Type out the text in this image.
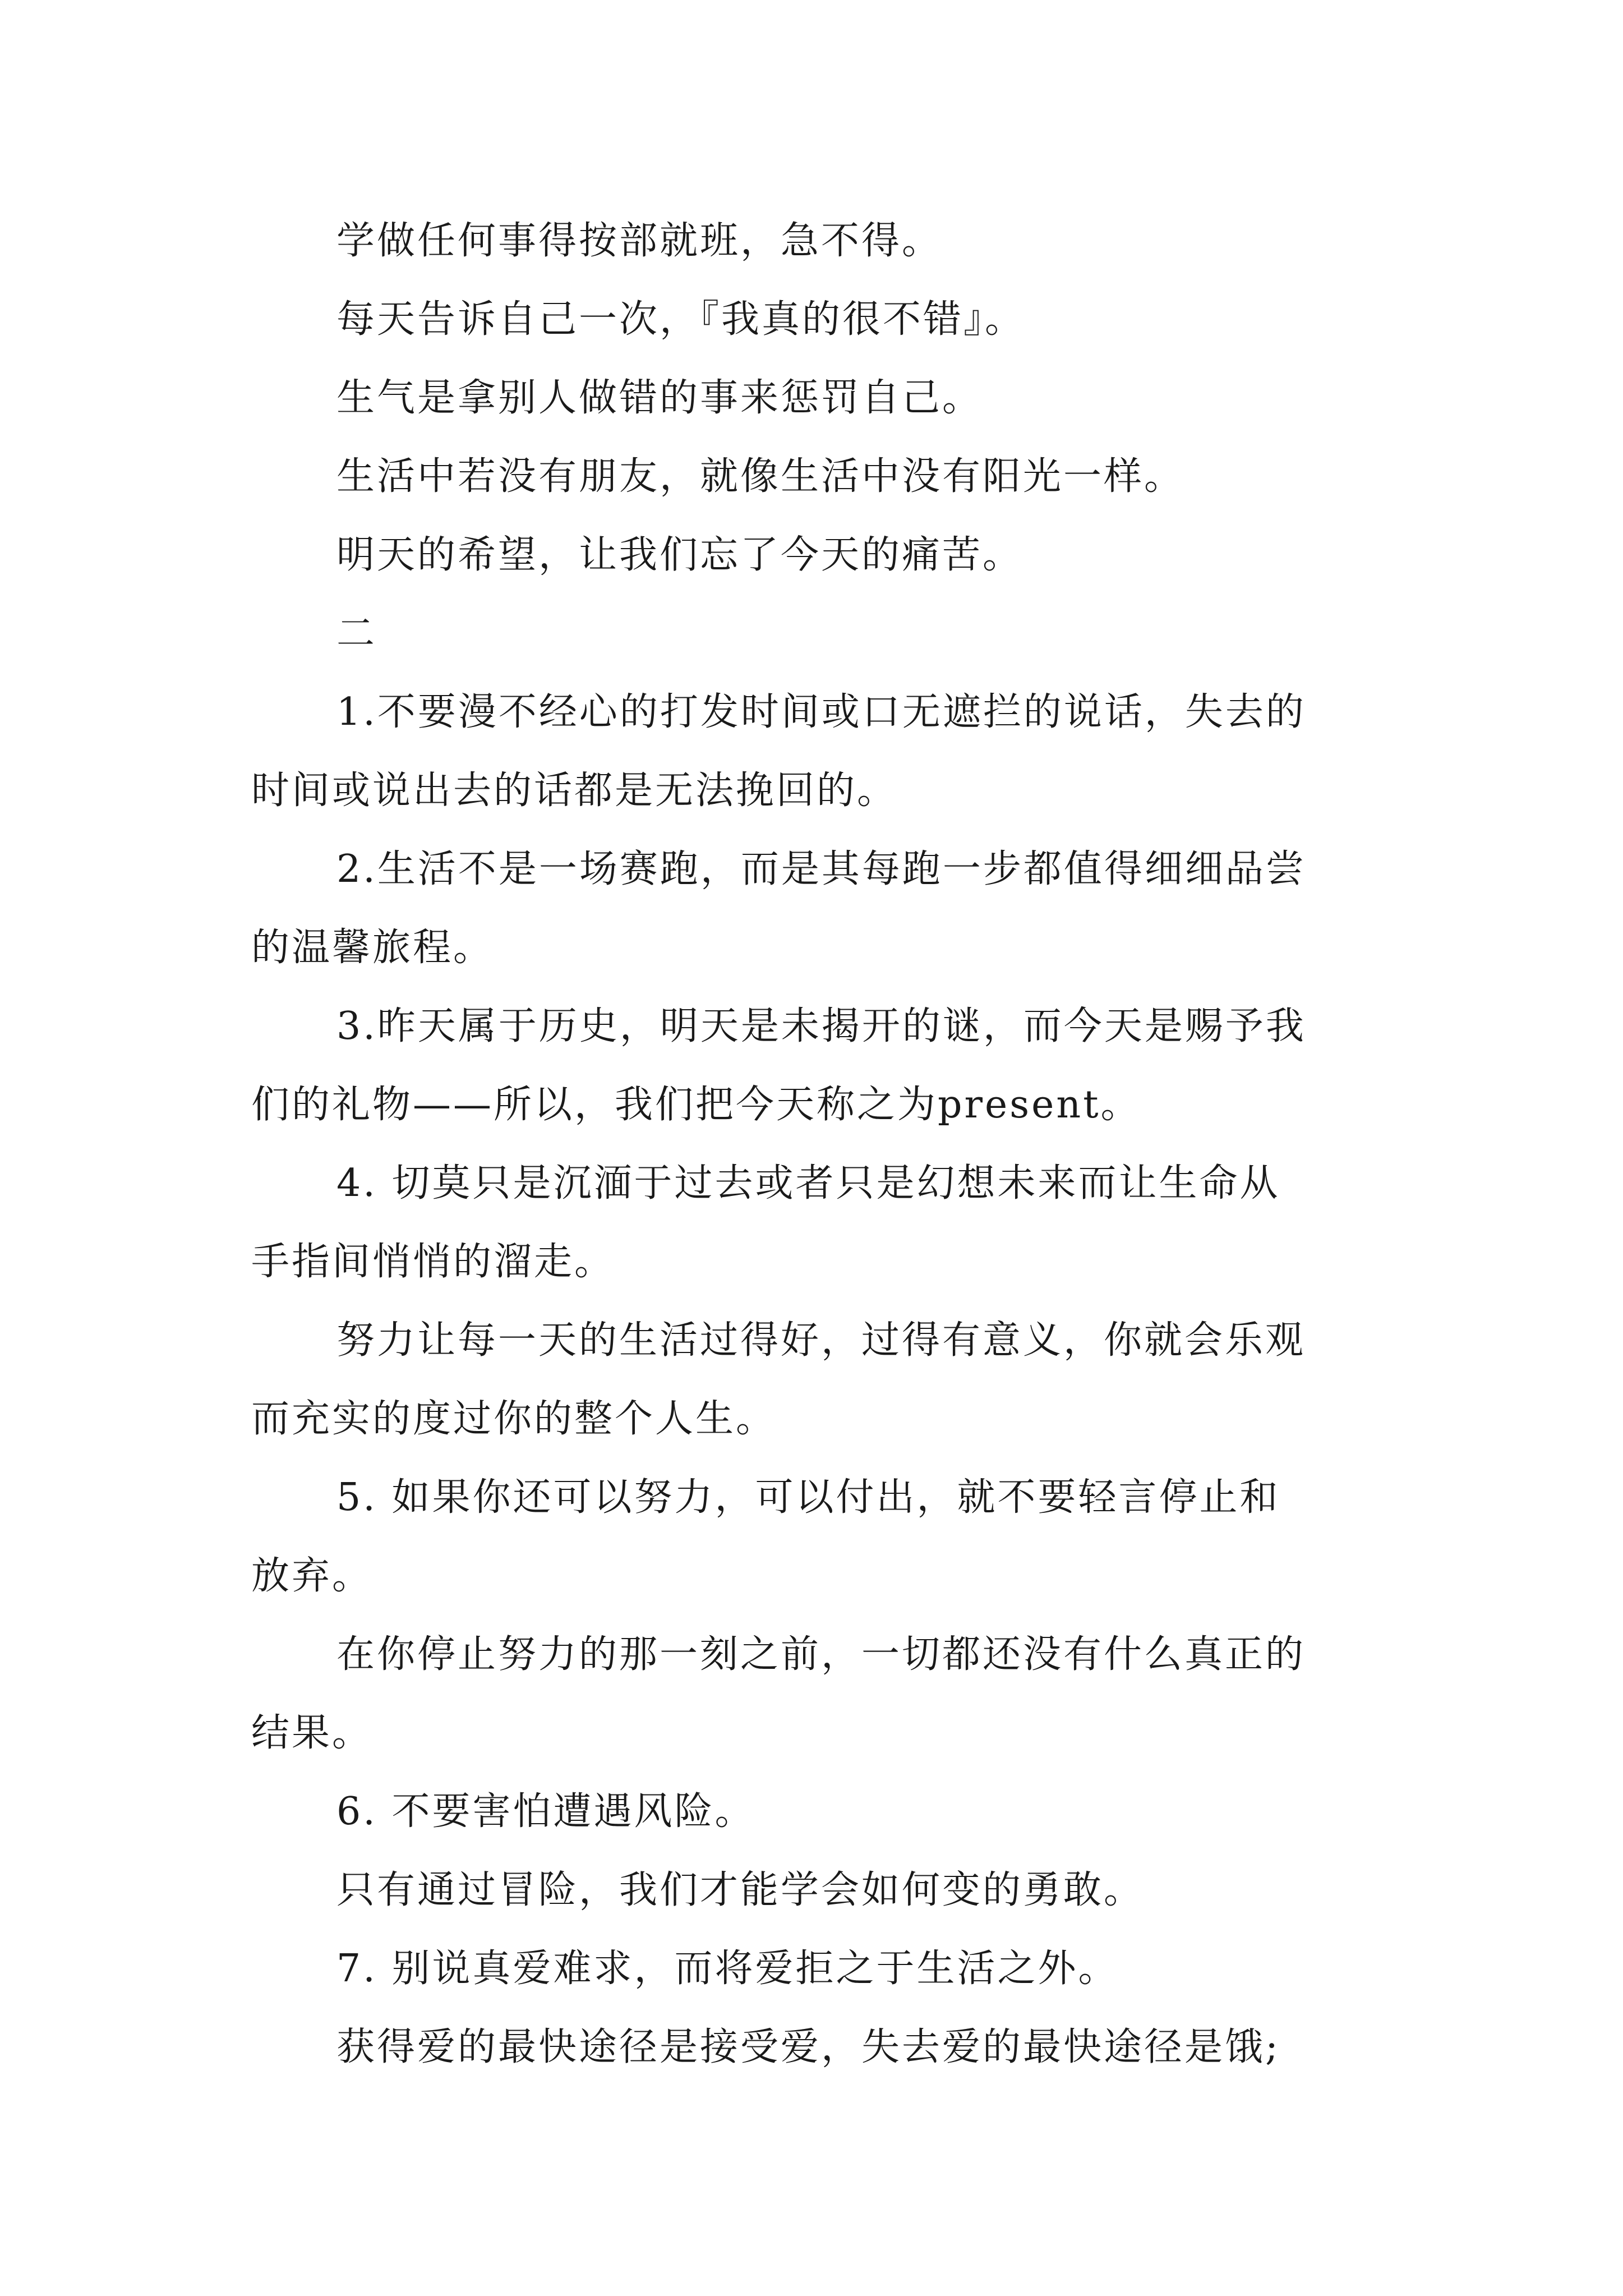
学做任何事得按部就班，急不得。
每天告诉自己一次，『我真的很不错』。
生气是拿别人做错的事来惩罚自己。
生活中若没有朋友，就像生活中没有阳光一样。
明天的希望，让我们忘了今天的痛苦。
二
1.不要漫不经心的打发时间或口无遮拦的说话，失去的
时间或说出去的话都是无法挽回的。
2.生活不是一场赛跑，而是其每跑一步都值得细细品尝
的温馨旅程。
3.昨天属于历史，明天是未揭开的谜，而今天是赐予我
们的礼物——所以，我们把今天称之为present。
4. 切莫只是沉湎于过去或者只是幻想未来而让生命从
手指间悄悄的溜走。
努力让每一天的生活过得好，过得有意义，你就会乐观
而充实的度过你的整个人生。
5. 如果你还可以努力，可以付出，就不要轻言停止和
放弃。
在你停止努力的那一刻之前，一切都还没有什么真正的
结果。
6. 不要害怕遭遇风险。
只有通过冒险，我们才能学会如何变的勇敢。
7. 别说真爱难求，而将爱拒之于生活之外。
获得爱的最快途径是接受爱，失去爱的最快途径是饿;
